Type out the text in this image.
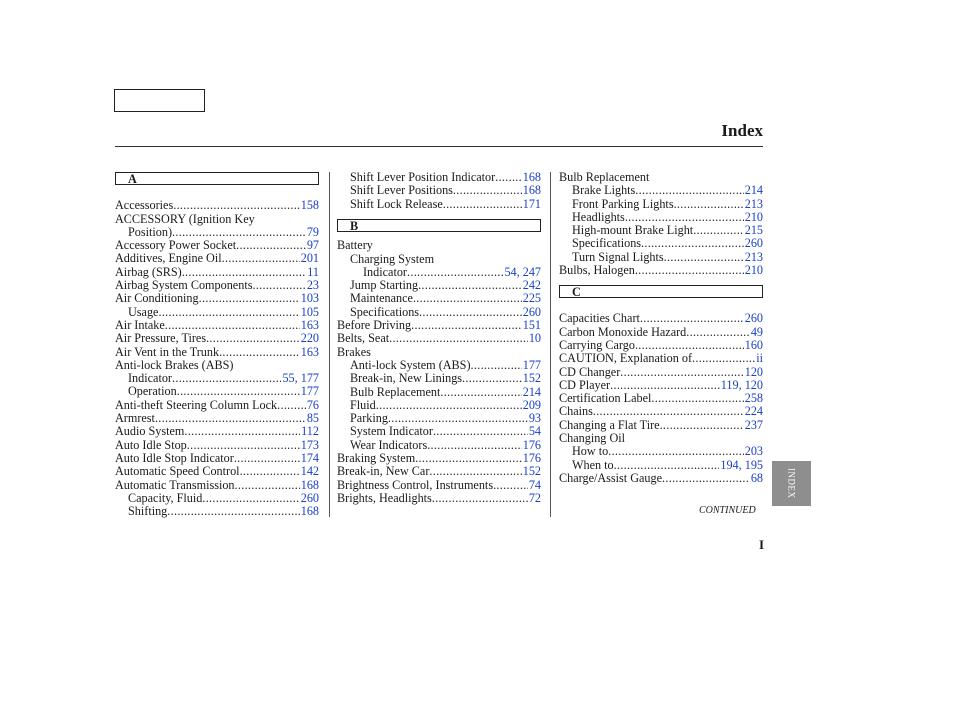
Index
A
Accessories .....	158
ACCESSORY (Ignition Key
Position) .....	79
Accessory Power Socket .....	97
Additives, Engine Oil .....	201
Airbag (SRS) .....	11
Airbag System Components .....	23
Air Conditioning .....	103
Usage .....	105
Air Intake .....	163
Air Pressure, Tires .....	220
Air Vent in the Trunk .....	163
Anti-lock Brakes (ABS)
Indicator .....	55, 177
Operation .....	177
Anti-theft Steering Column Lock ..... 76
Armrest .....	85
Audio System .....	112
Auto Idle Stop .....	173
Auto Idle Stop Indicator .....	174
Automatic Speed Control .....	142
Automatic Transmission .....	168
Capacity, Fluid .....	260
Shifting .....	168
Shift Lever Position Indicator ..... 168
Shift Lever Positions .....	168
Shift Lock Release .....	171
B
Battery
Charging System
Indicator .....	54, 247
Jump Starting .....	242
Maintenance .....	225
Specifications .....	260
Before Driving .....	151
Belts, Seat .....	10
Brakes
Anti-lock System (ABS) .....	177
Break-in, New Linings .....	152
Bulb Replacement .....	214
Fluid .....	209
Parking .....	93
System Indicator .....	54
Wear Indicators .....	176
Braking System .....	176
Break-in, New Car .....	152
Brightness Control, Instruments .....	74
Brights, Headlights .....	72
Bulb Replacement
Brake Lights .....	214
Front Parking Lights .....	213
Headlights .....	210
High-mount Brake Light .....	215
Specifications .....	260
Turn Signal Lights .....	213
Bulbs, Halogen .....	210
C
Capacities Chart .....	260
Carbon Monoxide Hazard .....	49
Carrying Cargo .....	160
CAUTION, Explanation of .....	ii
CD Changer .....	120
CD Player .....	119, 120
Certification Label .....	258
Chains .....	224
Changing a Flat Tire .....	237
Changing Oil
How to .....	203
When to .....	194, 195
Charge/Assist Gauge .....	68
CONTINUED
I
INDEX
